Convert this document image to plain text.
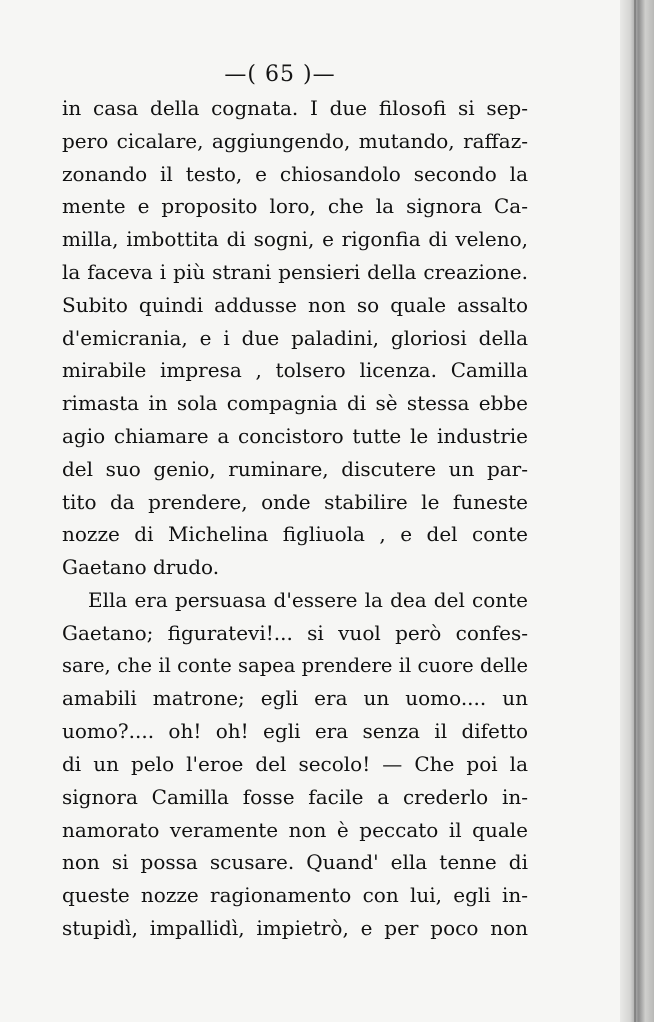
—( 65 )—
in casa della cognata. I due filosofi si sep-
pero cicalare, aggiungendo, mutando, raffaz-
zonando il testo, e chiosandolo secondo la
mente e proposito loro, che la signora Ca-
milla, imbottita di sogni, e rigonfia di veleno,
la faceva i più strani pensieri della creazione.
Subito quindi addusse non so quale assalto
d'emicrania, e i due paladini, gloriosi della
mirabile impresa , tolsero licenza. Camilla
rimasta in sola compagnia di sè stessa ebbe
agio chiamare a concistoro tutte le industrie
del suo genio, ruminare, discutere un par-
tito da prendere, onde stabilire le funeste
nozze di Michelina figliuola , e del conte
Gaetano drudo.
Ella era persuasa d'essere la dea del conte
Gaetano; figuratevi!... si vuol però confes-
sare, che il conte sapea prendere il cuore delle
amabili matrone; egli era un uomo.... un
uomo?.... oh! oh! egli era senza il difetto
di un pelo l'eroe del secolo! — Che poi la
signora Camilla fosse facile a crederlo in-
namorato veramente non è peccato il quale
non si possa scusare. Quand' ella tenne di
queste nozze ragionamento con lui, egli in-
stupidì, impallidì, impietrò, e per poco non
